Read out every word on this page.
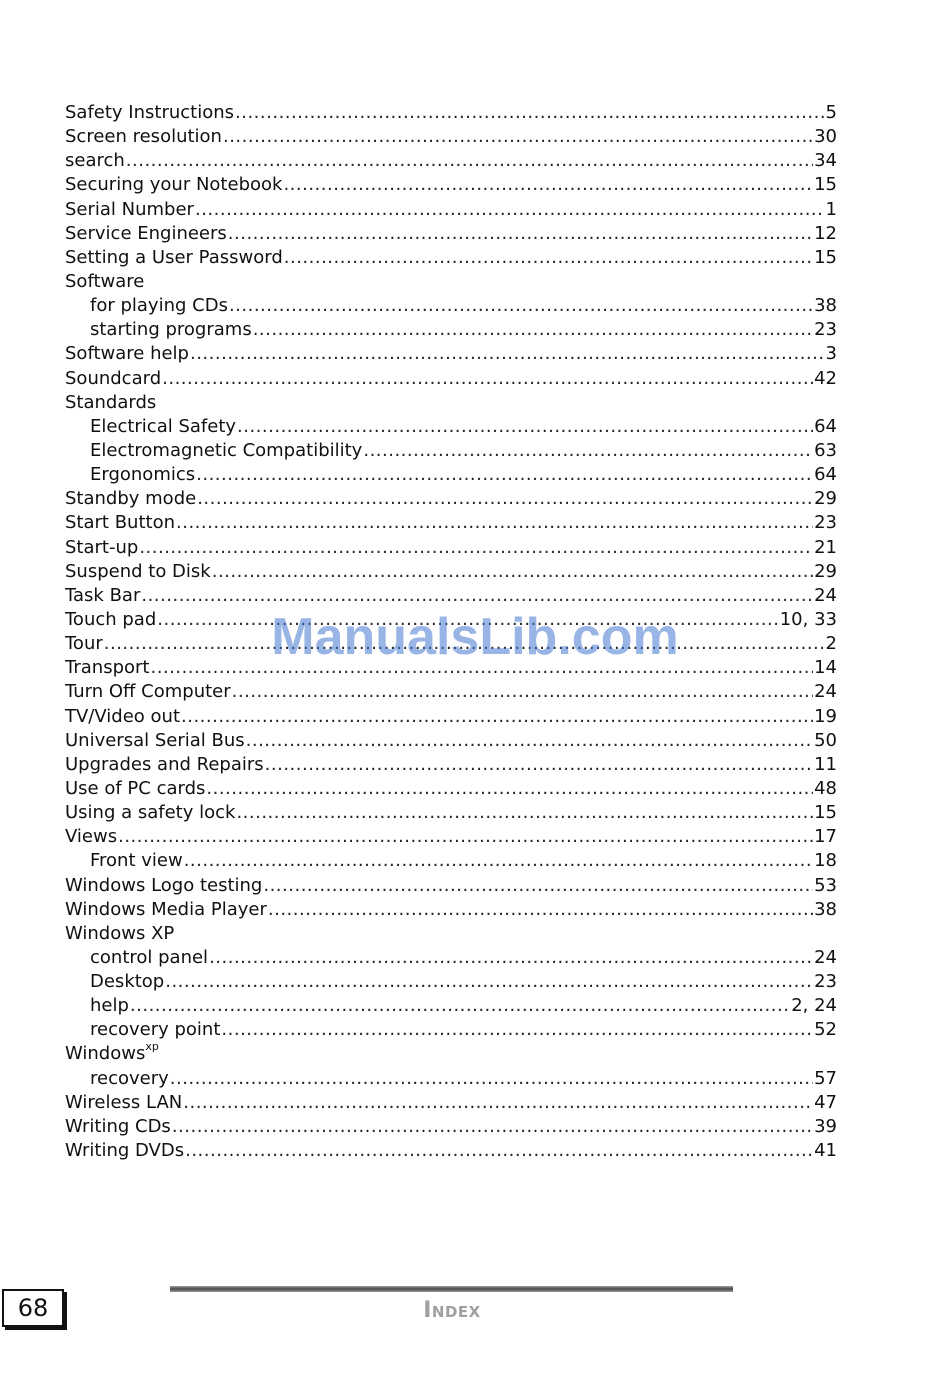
Safety Instructions .....	5
Screen resolution .....	30
search .....	34
Securing your Notebook .....	15
Serial Number .....	1
Service Engineers .....	12
Setting a User Password .....	15
Software
for playing CDs .....	38
starting programs .....	23
Software help .....	3
Soundcard .....	42
Standards
Electrical Safety .....	64
Electromagnetic Compatibility .....	63
Ergonomics .....	64
Standby mode .....	29
Start Button .....	23
Start-up .....	21
Suspend to Disk .....	29
Task Bar .....	24
Touch pad .....	10, 33
Tour .....	2
Transport .....	14
Turn Off Computer .....	24
TV/Video out .....	19
Universal Serial Bus .....	50
Upgrades and Repairs .....	11
Use of PC cards .....	48
Using a safety lock .....	15
Views .....	17
Front view .....	18
Windows Logo testing .....	53
Windows Media Player .....	38
Windows XP
control panel .....	24
Desktop .....	23
help .....	2, 24
recovery point .....	52
Windows$^{xp}$
recovery .....	57
Wireless LAN .....	47
Writing CDs .....	39
Writing DVDs .....	41
ManualsLib.com
68	Index
